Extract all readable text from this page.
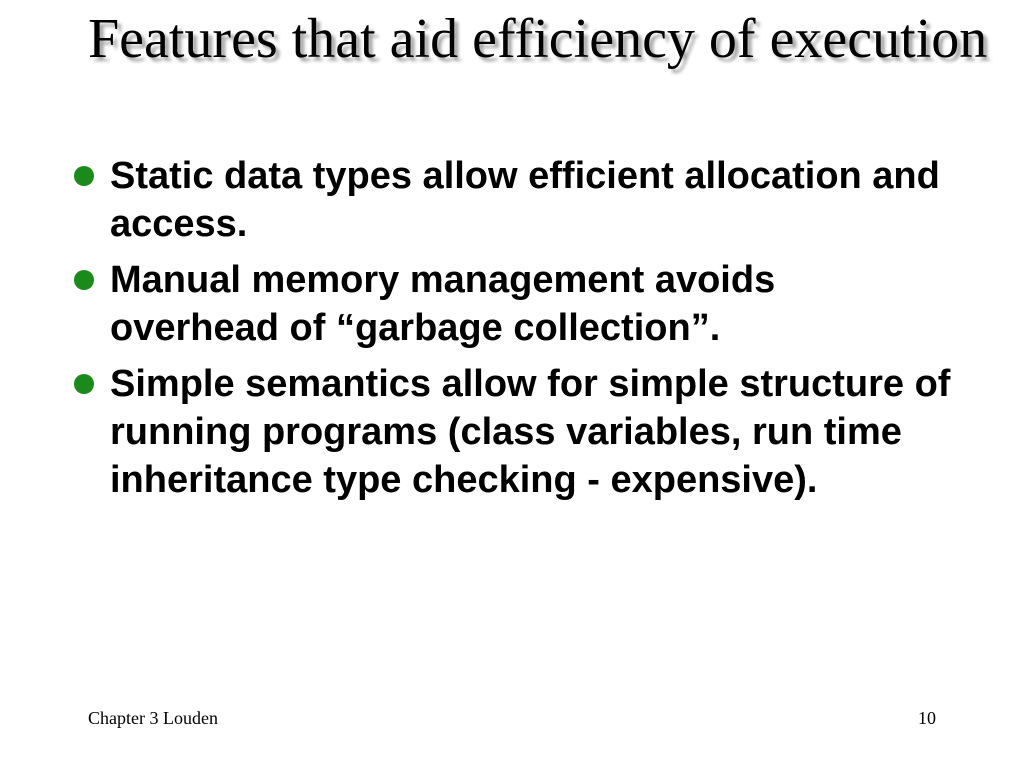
Features that aid efficiency of execution
Static data types allow efficient allocation and access.
Manual memory management avoids overhead of “garbage collection”.
Simple semantics allow for simple structure of running programs (class variables, run time inheritance type checking - expensive).
Chapter 3 Louden	10
